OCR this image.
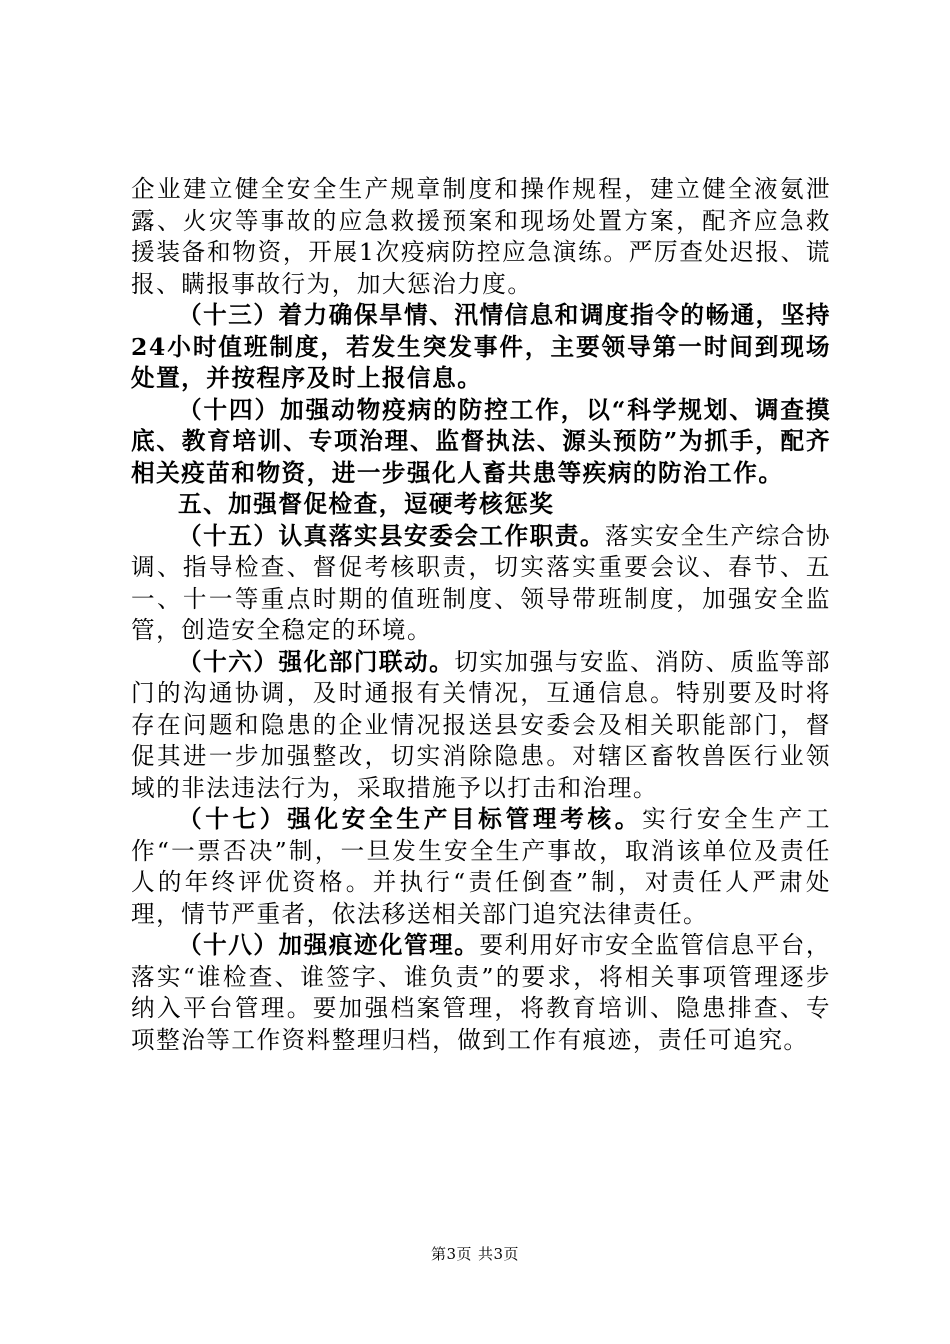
企业建立健全安全生产规章制度和操作规程，建立健全液氨泄露、火灾等事故的应急救援预案和现场处置方案，配齐应急救援装备和物资，开展1次疫病防控应急演练。严厉查处迟报、谎报、瞒报事故行为，加大惩治力度。

（十三）着力确保旱情、汛情信息和调度指令的畅通，坚持24小时值班制度，若发生突发事件，主要领导第一时间到现场处置，并按程序及时上报信息。

（十四）加强动物疫病的防控工作，以“科学规划、调查摸底、教育培训、专项治理、监督执法、源头预防”为抓手，配齐相关疫苗和物资，进一步强化人畜共患等疾病的防治工作。

五、加强督促检查，逗硬考核惩奖

（十五）认真落实县安委会工作职责。落实安全生产综合协调、指导检查、督促考核职责，切实落实重要会议、春节、五一、十一等重点时期的值班制度、领导带班制度，加强安全监管，创造安全稳定的环境。

（十六）强化部门联动。切实加强与安监、消防、质监等部门的沟通协调，及时通报有关情况，互通信息。特别要及时将存在问题和隐患的企业情况报送县安委会及相关职能部门，督促其进一步加强整改，切实消除隐患。对辖区畜牧兽医行业领域的非法违法行为，采取措施予以打击和治理。

（十七）强化安全生产目标管理考核。实行安全生产工作“一票否决”制，一旦发生安全生产事故，取消该单位及责任人的年终评优资格。并执行“责任倒查”制，对责任人严肃处理，情节严重者，依法移送相关部门追究法律责任。

（十八）加强痕迹化管理。要利用好市安全监管信息平台，落实“谁检查、谁签字、谁负责”的要求，将相关事项管理逐步纳入平台管理。要加强档案管理，将教育培训、隐患排查、专项整治等工作资料整理归档，做到工作有痕迹，责任可追究。

第3页 共3页
